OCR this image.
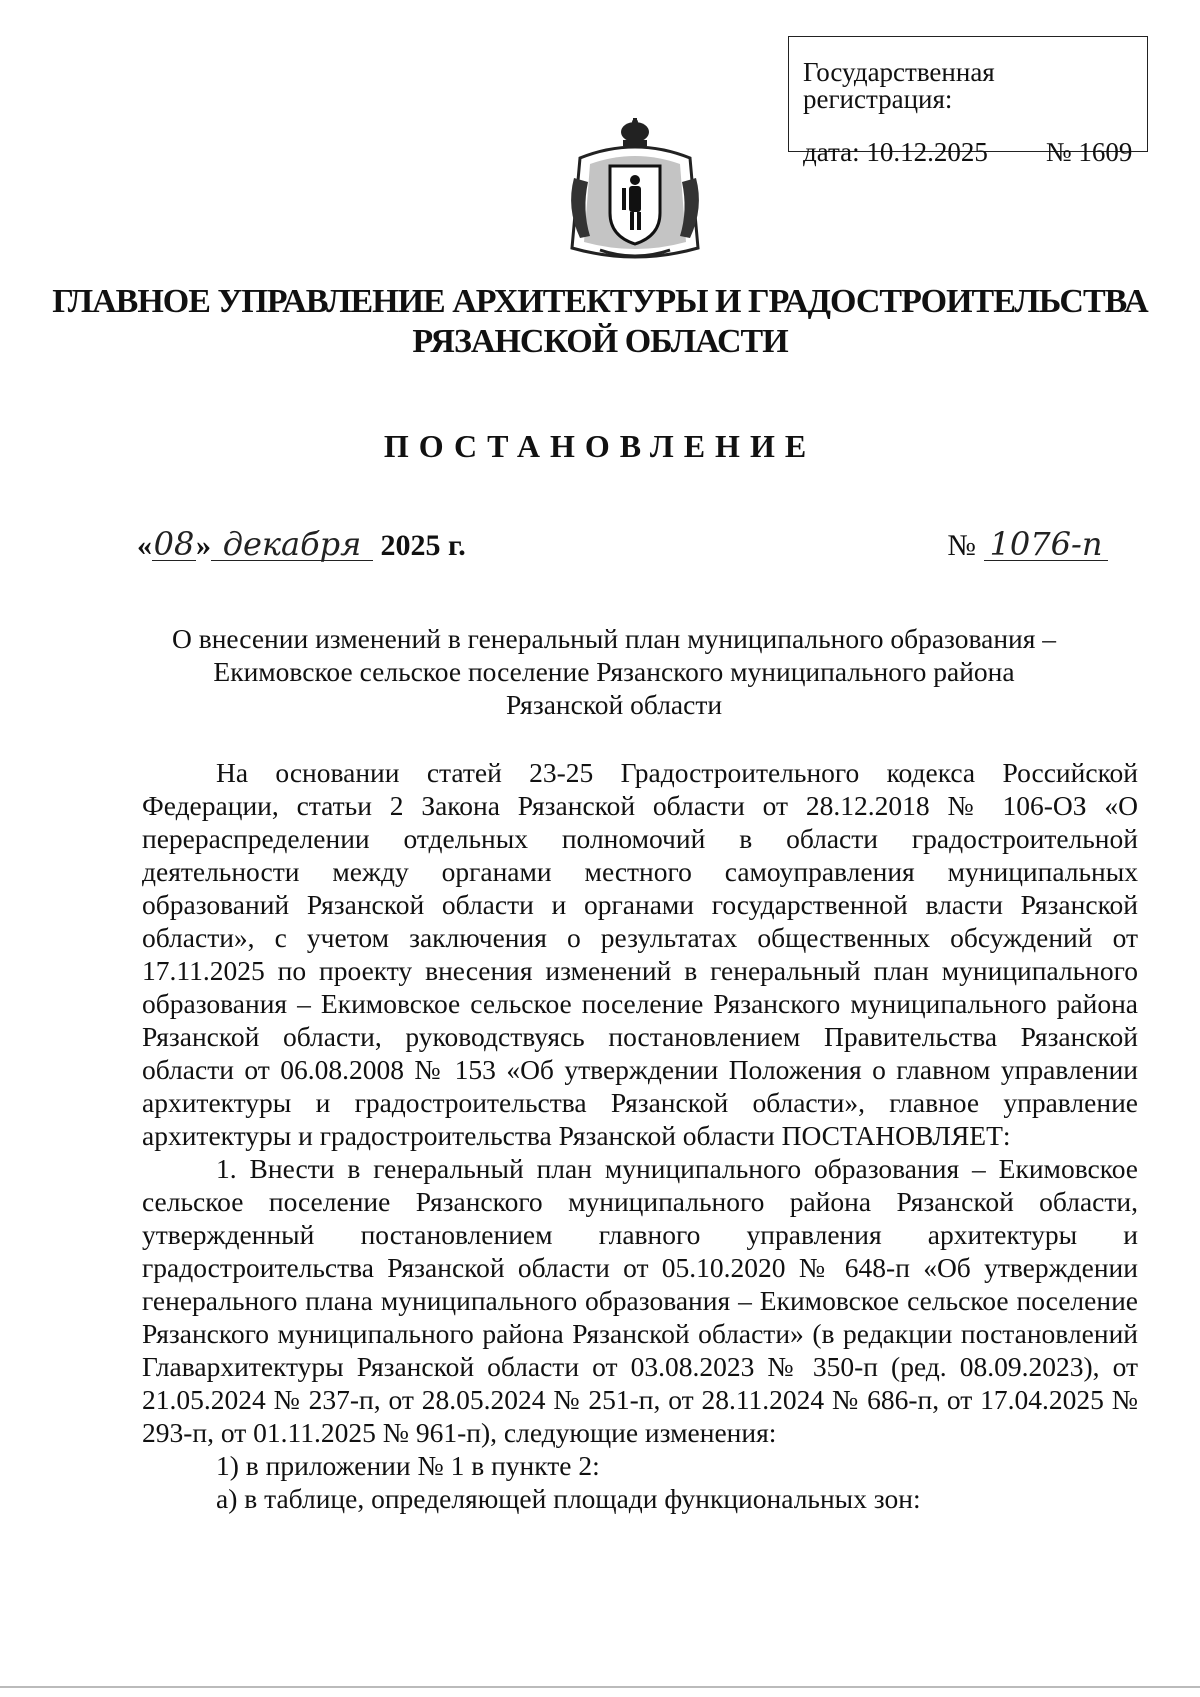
Государственная регистрация:
дата: 10.12.2025 № 1609
ГЛАВНОЕ УПРАВЛЕНИЕ АРХИТЕКТУРЫ И ГРАДОСТРОИТЕЛЬСТВА
РЯЗАНСКОЙ ОБЛАСТИ
ПОСТАНОВЛЕНИЕ
«08» декабря 2025 г.	№ 1076-п
О внесении изменений в генеральный план муниципального образования –
Екимовское сельское поселение Рязанского муниципального района
Рязанской области

На основании статей 23-25 Градостроительного кодекса Российской Федерации, статьи 2 Закона Рязанской области от 28.12.2018 № 106-ОЗ «О перераспределении отдельных полномочий в области градостроительной деятельности между органами местного самоуправления муниципальных образований Рязанской области и органами государственной власти Рязанской области», с учетом заключения о результатах общественных обсуждений от 17.11.2025 по проекту внесения изменений в генеральный план муниципального образования – Екимовское сельское поселение Рязанского муниципального района Рязанской области, руководствуясь постановлением Правительства Рязанской области от 06.08.2008 № 153 «Об утверждении Положения о главном управлении архитектуры и градостроительства Рязанской области», главное управление архитектуры и градостроительства Рязанской области ПОСТАНОВЛЯЕТ:

1. Внести в генеральный план муниципального образования – Екимовское сельское поселение Рязанского муниципального района Рязанской области, утвержденный постановлением главного управления архитектуры и градостроительства Рязанской области от 05.10.2020 № 648-п «Об утверждении генерального плана муниципального образования – Екимовское сельское поселение Рязанского муниципального района Рязанской области» (в редакции постановлений Главархитектуры Рязанской области от 03.08.2023 № 350-п (ред. 08.09.2023), от 21.05.2024 № 237-п, от 28.05.2024 № 251-п, от 28.11.2024 № 686-п, от 17.04.2025 № 293-п, от 01.11.2025 № 961-п), следующие изменения:

1) в приложении № 1 в пункте 2:

а) в таблице, определяющей площади функциональных зон:
